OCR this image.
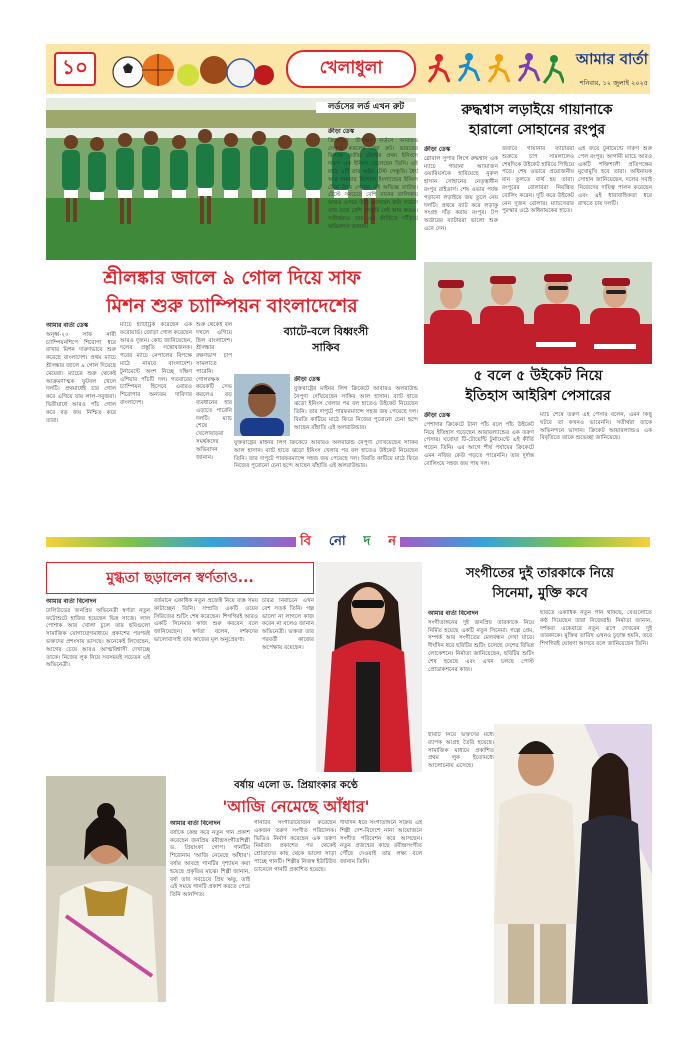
১০	খেলাধুলা	আমার বার্তা
শনিবার, ১২ জুলাই ২০২৫
শ্রীলঙ্কার জালে ৯ গোল দিয়ে সাফ
মিশন শুরু চ্যাম্পিয়ন বাংলাদেশের
আমার বার্তা ডেস্ক

অনূর্ধ্ব-২০ সাফ নারী চ্যাম্পিয়নশিপে শিরোপা ধরে রাখার মিশন দারুণভাবে শুরু করেছে বাংলাদেশ। প্রথম ম্যাচে শ্রীলঙ্কার জালে ৯ গোল দিয়েছে মেয়েরা। ম্যাচের শুরু থেকেই আক্রমণাত্মক ফুটবল খেলে দলটি। প্রথমার্ধেই চার গোল করে এগিয়ে যায় লাল-সবুজরা। দ্বিতীয়ার্ধে আরও পাঁচ গোল করে বড় জয় নিশ্চিত করে তারা।

ম্যাচে হ্যাটট্রিক করেছেন এক ফরোয়ার্ড। জোড়া গোল করেছেন আরও দুজন। কোচ জানিয়েছেন, দলের প্রস্তুতি সন্তোষজনক। পরের ম্যাচে নেপালের বিপক্ষে মাঠে নামবে বাংলাদেশ। টুর্নামেন্টে অংশ নিচ্ছে দক্ষিণ এশিয়ার পাঁচটি দল। গতবারের চ্যাম্পিয়ন হিসেবে এবারও শিরোপার অন্যতম দাবিদার বাংলাদেশ।

শুরু থেকেই বল দখলে এগিয়ে ছিল বাংলাদেশ। শ্রীলঙ্কার রক্ষণভাগ চাপ সামলাতে পারেনি। গোলরক্ষক কয়েকটি সেভ করলেও বড় ব্যবধানের হার এড়াতে পারেনি দলটি। ম্যাচ শেষে খেলোয়াড়রা সমর্থকদের অভিবাদন জানান।

ব্যাটে-বলে বিধ্বংসী
সাকিব
ক্রীড়া ডেস্ক

যুক্তরাষ্ট্রের মাইনর লিগ ক্রিকেটে আবারও অলরাউন্ড নৈপুণ্য দেখিয়েছেন সাকিব আল হাসান। ব্যাট হাতে ঝড়ো ইনিংস খেলার পর বল হাতেও উইকেট নিয়েছেন তিনি। তার দাপুটে পারফরম্যান্সে সহজ জয় পেয়েছে দল। বিরতি কাটিয়ে মাঠে ফিরে নিজের পুরোনো চেনা ছন্দে আছেন বাঁহাতি এই অলরাউন্ডার।

যুক্তরাষ্ট্রের মাইনর লিগ ক্রিকেটে আবারও অলরাউন্ড নৈপুণ্য দেখিয়েছেন সাকিব আল হাসান। ব্যাট হাতে ঝড়ো ইনিংস খেলার পর বল হাতেও উইকেট নিয়েছেন তিনি। তার দাপুটে পারফরম্যান্সে সহজ জয় পেয়েছে দল। বিরতি কাটিয়ে মাঠে ফিরে নিজের পুরোনো চেনা ছন্দে আছেন বাঁহাতি এই অলরাউন্ডার।

লর্ডসের লর্ড এখন রুট
ক্রীড়া ডেস্ক

ক্রিকেটের তীর্থস্থান লর্ডসে আবারও সেঞ্চুরি করলেন জো রুট। ভারতের বিপক্ষে তৃতীয় টেস্টের প্রথম ইনিংসে দারুণ এক ইনিংস খেলেছেন তিনি। এই মাঠে এটি তার অষ্টম টেস্ট সেঞ্চুরি। ধৈর্য আর দক্ষতার মিশেলে ইংল্যান্ডের ইনিংস টেনে নিয়ে গেছেন এই অভিজ্ঞ ব্যাটার। টেস্টে সবচেয়ে বেশি রানের তালিকায় আরও ওপরে উঠে এসেছেন রুট। লর্ডসে তার চেয়ে বেশি সেঞ্চুরি নেই আর কারও। সতীর্থরাও তার এই কীর্তিতে দাঁড়িয়ে অভিনন্দন জানান।

রুদ্ধশ্বাস লড়াইয়ে গায়ানাকে
হারালো সোহানের রংপুর
ক্রীড়া ডেস্ক

গ্লোবাল সুপার লিগে রুদ্ধশ্বাস এক ম্যাচে গায়ানা অ্যামাজন ওয়ারিয়র্সকে হারিয়েছে নুরুল হাসান সোহানের নেতৃত্বাধীন রংপুর রাইডার্স। শেষ ওভার পর্যন্ত গড়ানো লড়াইয়ে জয় তুলে নেয় দলটি। প্রথমে ব্যাট করে লড়াকু সংগ্রহ দাঁড় করায় রংপুর। টপ অর্ডারের ব্যাটাররা ভালো শুরু এনে দেন।

জবাবে গায়ানার ব্যাটাররা শুরুতে চাপ সামলালেও শেষদিকে উইকেট হারিয়ে পিছিয়ে পড়ে। শেষ ওভারে প্রয়োজনীয় রান তুলতে ব্যর্থ হয় তারা। রংপুরের বোলাররা নিয়ন্ত্রিত বোলিং করেন। দুটি করে উইকেট নেন দুজন বোলার। ম্যাচসেরার পুরস্কার ওঠে অধিনায়কের হাতে।

এই জয়ে টুর্নামেন্টে দারুণ শুরু পেল রংপুর। আগামী ম্যাচে আরও একটি শক্তিশালী প্রতিপক্ষের মুখোমুখি হবে তারা। অধিনায়ক সোহান জানিয়েছেন, দলের সবাই নিজেদের দায়িত্ব পালন করেছেন এবং এই ধারাবাহিকতা ধরে রাখতে চায় দলটি।

৫ বলে ৫ উইকেট নিয়ে
ইতিহাস আইরিশ পেসারের
ক্রীড়া ডেস্ক

পেশাদার ক্রিকেটে টানা পাঁচ বলে পাঁচ উইকেট নিয়ে ইতিহাস গড়েছেন আয়ারল্যান্ডের এক তরুণ পেসার। ঘরোয়া টি-টোয়েন্টি টুর্নামেন্টে এই কীর্তি গড়েন তিনি। এর আগে শীর্ষ পর্যায়ের ক্রিকেটে এমন নজির কেউ গড়তে পারেননি। তার দুর্দান্ত বোলিংয়ে সহজ জয় পায় দল।

ম্যাচ শেষে তরুণ এই পেসার বলেন, এমন কিছু ঘটবে তা কখনও ভাবেননি। সতীর্থরা তাকে অভিনন্দনে ভাসান। ক্রিকেট আয়ারল্যান্ডও এক বিবৃতিতে তাকে শুভেচ্ছা জানিয়েছে।

বি নো দ ন
মুগ্ধতা ছড়ালেন স্বর্ণতাও...
আমার বার্তা বিনোদন

ঢালিউডের জনপ্রিয় অভিনেত্রী স্বর্ণতা নতুন ফটোশুটে হাজির হয়েছেন ভিন্ন সাজে। লাল পোশাক আর খোলা চুলে তার ছবিগুলো সামাজিক যোগাযোগমাধ্যমে প্রকাশের পরপরই ভক্তদের প্রশংসায় ভাসছে। অনেকেই লিখেছেন, আগের চেয়ে আরও আত্মবিশ্বাসী দেখাচ্ছে তাকে। নিজের লুক নিয়ে সবসময়ই সচেতন এই অভিনেত্রী।

বর্তমানে একাধিক নতুন প্রজেক্ট নিয়ে ব্যস্ত সময় কাটাচ্ছেন তিনি। সম্প্রতি একটি ওয়েব সিরিজের শুটিং শেষ করেছেন। শিগগিরই আরও একটি সিনেমার কাজ শুরু করবেন বলে জানিয়েছেন। স্বর্ণতা বলেন, দর্শকদের ভালোবাসাই তার কাজের মূল অনুপ্রেরণা।

চরিত্র নির্বাচনে এখন বেশ সতর্ক তিনি। গল্প ভালো না লাগলে কাজ করেন না বলেও জানান অভিনেত্রী। ভক্তরা তার পরবর্তী কাজের অপেক্ষায় রয়েছেন।

বর্ষায় এলো ড. প্রিয়াংকার কণ্ঠে
'আজি নেমেছে আঁধার'
আমার বার্তা বিনোদন

বর্ষাকে কেন্দ্র করে নতুন গান প্রকাশ করেছেন জনপ্রিয় রবীন্দ্রসংগীতশিল্পী ড. প্রিয়াংকা গোপ। গানটির শিরোনাম 'আজি নেমেছে আঁধার'। বর্ষার আবহে গানটির দৃশ্যায়ন করা হয়েছে প্রকৃতির মাঝে। শিল্পী জানান, বর্ষা তার সবচেয়ে প্রিয় ঋতু, তাই এই সময়ে গানটি প্রকাশ করতে পেরে তিনি আনন্দিত।

গানটির সংগীতায়োজন করেছেন একজন তরুণ সংগীত পরিচালক। ভিডিও নির্মাণ করেছেন এক তরুণ নির্মাতা। প্রকাশের পর থেকেই শ্রোতাদের কাছ থেকে ভালো সাড়া পাচ্ছে গানটি। শিল্পীর নিজস্ব ইউটিউব চ্যানেলে গানটি প্রকাশিত হয়েছে।

দীর্ঘদিন ধরে সংগীতাঙ্গনে সক্রিয় এই শিল্পী দেশ-বিদেশে নানা আয়োজনে সংগীত পরিবেশন করে আসছেন। নতুন প্রজন্মের কাছে রবীন্দ্রসংগীত পৌঁছে দেওয়াই তার লক্ষ্য বলে জানান তিনি।

সংগীতের দুই তারকাকে নিয়ে
সিনেমা, মুক্তি কবে
আমার বার্তা বিনোদন

সংগীতাঙ্গনের দুই জনপ্রিয় তারকাকে নিয়ে নির্মিত হয়েছে একটি নতুন সিনেমা। গল্পে প্রেম, সম্পর্ক আর সংগীতের মেলবন্ধন দেখা যাবে। দীর্ঘদিন ধরে ছবিটির শুটিং চলেছে দেশের বিভিন্ন লোকেশনে। নির্মাতা জানিয়েছেন, ছবিটির শুটিং শেষ হয়েছে এবং এখন চলছে পোস্ট প্রোডাকশনের কাজ।

ছবিতে একাধিক নতুন গান থাকছে, যেগুলোতে কণ্ঠ দিয়েছেন তারা নিজেরাই। নির্মাতা জানান, দর্শকরা একেবারে নতুন রূপে দেখবেন দুই তারকাকে। মুক্তির তারিখ এখনও চূড়ান্ত হয়নি, তবে শিগগিরই ঘোষণা আসবে বলে জানিয়েছেন তিনি।

ছবিটি নিয়ে ভক্তদের মধ্যে ব্যাপক আগ্রহ তৈরি হয়েছে। সামাজিক মাধ্যমে প্রকাশিত প্রথম লুক ইতোমধ্যে আলোচনায় এসেছে।
